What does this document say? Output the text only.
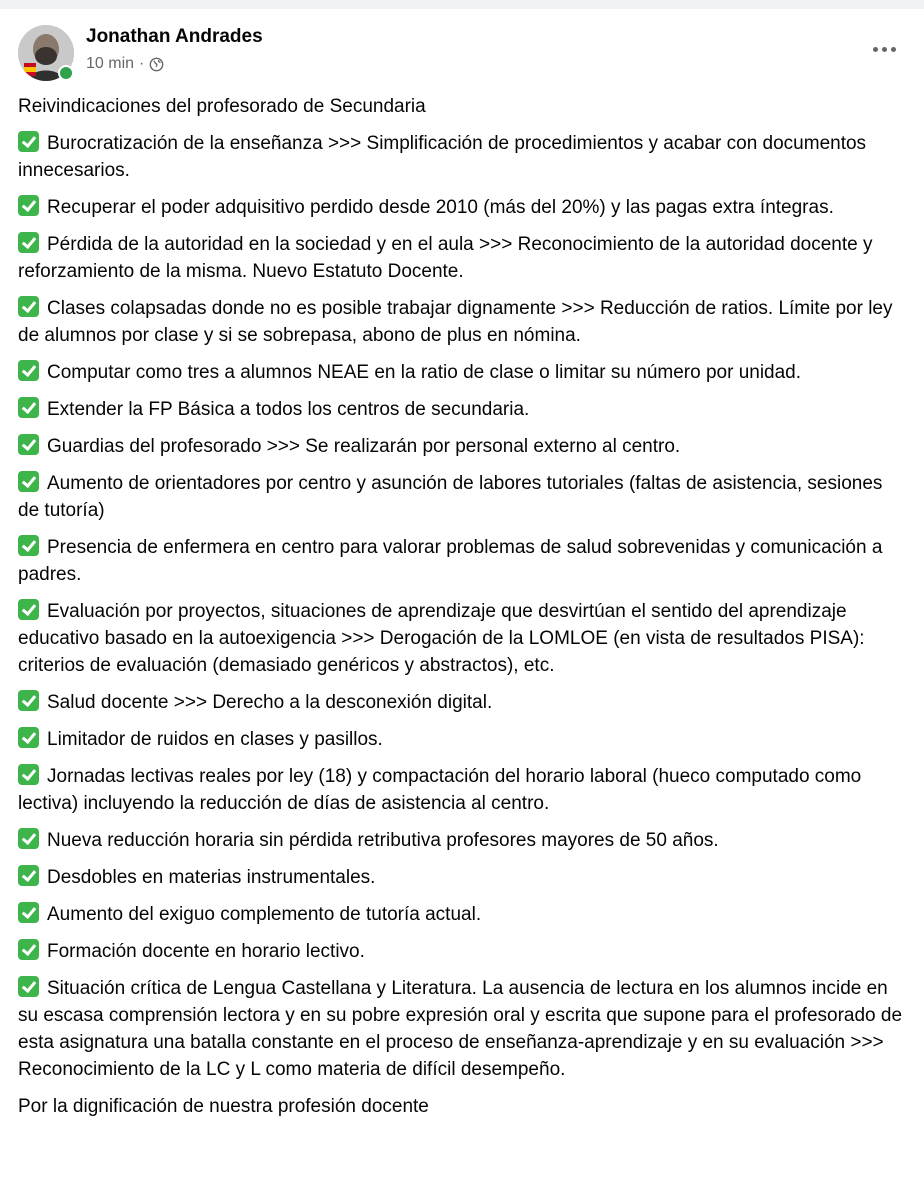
Jonathan Andrades
10 min ·

Reivindicaciones del profesorado de Secundaria

Burocratización de la enseñanza >>> Simplificación de procedimientos y acabar con documentos innecesarios.

Recuperar el poder adquisitivo perdido desde 2010 (más del 20%) y las pagas extra íntegras.

Pérdida de la autoridad en la sociedad y en el aula >>> Reconocimiento de la autoridad docente y reforzamiento de la misma. Nuevo Estatuto Docente.

Clases colapsadas donde no es posible trabajar dignamente >>> Reducción de ratios. Límite por ley de alumnos por clase y si se sobrepasa, abono de plus en nómina.

Computar como tres a alumnos NEAE en la ratio de clase o limitar su número por unidad.

Extender la FP Básica a todos los centros de secundaria.

Guardias del profesorado >>> Se realizarán por personal externo al centro.

Aumento de orientadores por centro y asunción de labores tutoriales (faltas de asistencia, sesiones de tutoría)

Presencia de enfermera en centro para valorar problemas de salud sobrevenidas y comunicación a padres.

Evaluación por proyectos, situaciones de aprendizaje que desvirtúan el sentido del aprendizaje educativo basado en la autoexigencia >>> Derogación de la LOMLOE (en vista de resultados PISA): criterios de evaluación (demasiado genéricos y abstractos), etc.

Salud docente >>> Derecho a la desconexión digital.

Limitador de ruidos en clases y pasillos.

Jornadas lectivas reales por ley (18) y compactación del horario laboral (hueco computado como lectiva) incluyendo la reducción de días de asistencia al centro.

Nueva reducción horaria sin pérdida retributiva profesores mayores de 50 años.

Desdobles en materias instrumentales.

Aumento del exiguo complemento de tutoría actual.

Formación docente en horario lectivo.

Situación crítica de Lengua Castellana y Literatura. La ausencia de lectura en los alumnos incide en su escasa comprensión lectora y en su pobre expresión oral y escrita que supone para el profesorado de esta asignatura una batalla constante en el proceso de enseñanza-aprendizaje y en su evaluación >>> Reconocimiento de la LC y L como materia de difícil desempeño.

Por la dignificación de nuestra profesión docente
